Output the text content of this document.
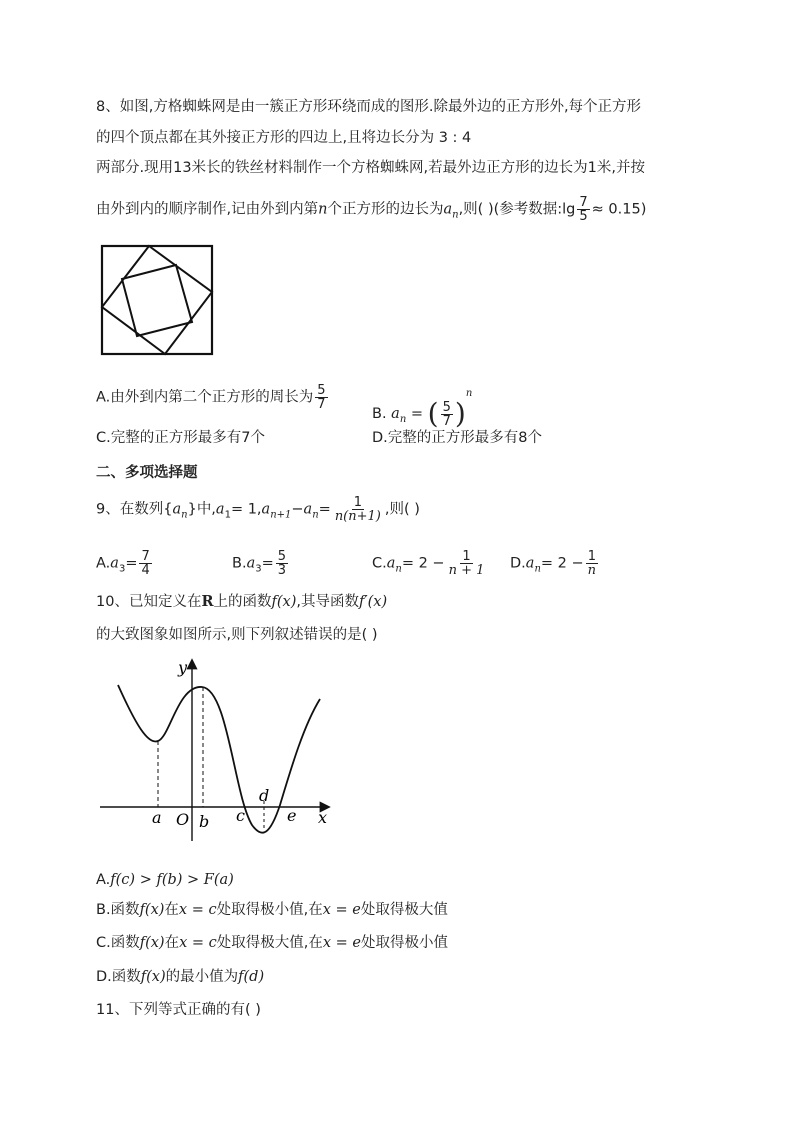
8、如图,方格蜘蛛网是由一簇正方形环绕而成的图形.除最外边的正方形外,每个正方形
的四个顶点都在其外接正方形的四边上,且将边长分为 3 : 4
两部分.现用13米长的铁丝材料制作一个方格蜘蛛网,若最外边正方形的边长为1米,并按
由外到内的顺序制作,记由外到内第n个正方形的边长为$a_n$,则( )(参考数据:lg $\frac{7}{5} \approx 0.15$)
A.由外到内第二个正方形的周长为 $\frac{5}{7}$
B. $a_n$ = ( $\frac{5}{7} )^n$
C.完整的正方形最多有7个	D.完整的正方形最多有8个
二、多项选择题
9、在数列$\{a_n\}$中$,a_1= 1,a_{n+1}-a_n= \frac{1}{n(n+1)}$ ,则( )
$A.a_3= \frac{7}{4}$	$B.a_3= \frac{5}{3}$	$C.a_n= 2 - \frac{1}{n + 1} D.a_n= 2 - \frac{1}{n}$
10、已知定义在R上的函数f(x),其导函数f′(x)
的大致图象如图所示,则下列叙述错误的是( )
y
x
O
a b c
d
e
A.f(c) > f(b) > F(a)
B.函数f(x)在x = c处取得极小值,在x = e处取得极大值
C.函数f(x)在x = c处取得极大值,在x = e处取得极小值
D.函数f(x)的最小值为f(d)
11、下列等式正确的有( )
